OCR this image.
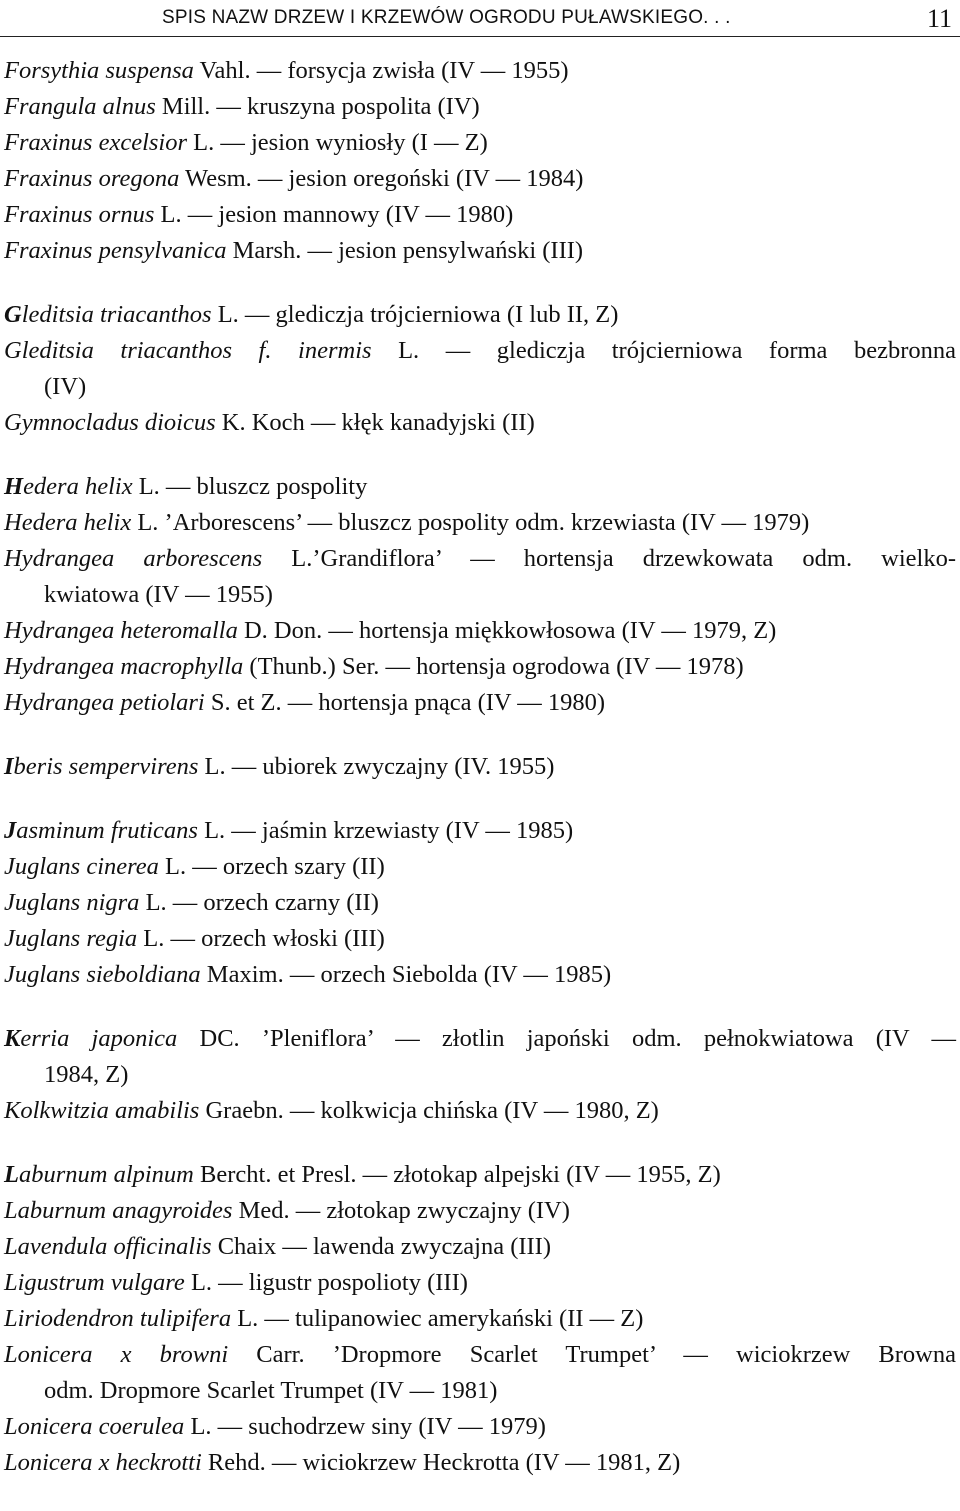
SPIS NAZW DRZEW I KRZEWÓW OGRODU PUŁAWSKIEGO. . .	11
Forsythia suspensa Vahl. — forsycja zwisła (IV — 1955)
Frangula alnus Mill. — kruszyna pospolita (IV)
Fraxinus excelsior L. — jesion wyniosły (I — Z)
Fraxinus oregona Wesm. — jesion oregoński (IV — 1984)
Fraxinus ornus L. — jesion mannowy (IV — 1980)
Fraxinus pensylvanica Marsh. — jesion pensylwański (III)
Gleditsia triacanthos L. — glediczja trójcierniowa (I lub II, Z)
Gleditsia triacanthos f. inermis L. — glediczja trójcierniowa forma bezbronna
(IV)
Gymnocladus dioicus K. Koch — kłęk kanadyjski (II)
Hedera helix L. — bluszcz pospolity
Hedera helix L. ’Arborescens’ — bluszcz pospolity odm. krzewiasta (IV — 1979)
Hydrangea arborescens L.’Grandiflora’ — hortensja drzewkowata odm. wielko-
kwiatowa (IV — 1955)
Hydrangea heteromalla D. Don. — hortensja miękkowłosowa (IV — 1979, Z)
Hydrangea macrophylla (Thunb.) Ser. — hortensja ogrodowa (IV — 1978)
Hydrangea petiolari S. et Z. — hortensja pnąca (IV — 1980)
Iberis sempervirens L. — ubiorek zwyczajny (IV. 1955)
Jasminum fruticans L. — jaśmin krzewiasty (IV — 1985)
Juglans cinerea L. — orzech szary (II)
Juglans nigra L. — orzech czarny (II)
Juglans regia L. — orzech włoski (III)
Juglans sieboldiana Maxim. — orzech Siebolda (IV — 1985)
Kerria japonica DC. ’Pleniflora’ — złotlin japoński odm. pełnokwiatowa (IV —
1984, Z)
Kolkwitzia amabilis Graebn. — kolkwicja chińska (IV — 1980, Z)
Laburnum alpinum Bercht. et Presl. — złotokap alpejski (IV — 1955, Z)
Laburnum anagyroides Med. — złotokap zwyczajny (IV)
Lavendula officinalis Chaix — lawenda zwyczajna (III)
Ligustrum vulgare L. — ligustr pospolioty (III)
Liriodendron tulipifera L. — tulipanowiec amerykański (II — Z)
Lonicera x browni Carr. ’Dropmore Scarlet Trumpet’ — wiciokrzew Browna
odm. Dropmore Scarlet Trumpet (IV — 1981)
Lonicera coerulea L. — suchodrzew siny (IV — 1979)
Lonicera x heckrotti Rehd. — wiciokrzew Heckrotta (IV — 1981, Z)
